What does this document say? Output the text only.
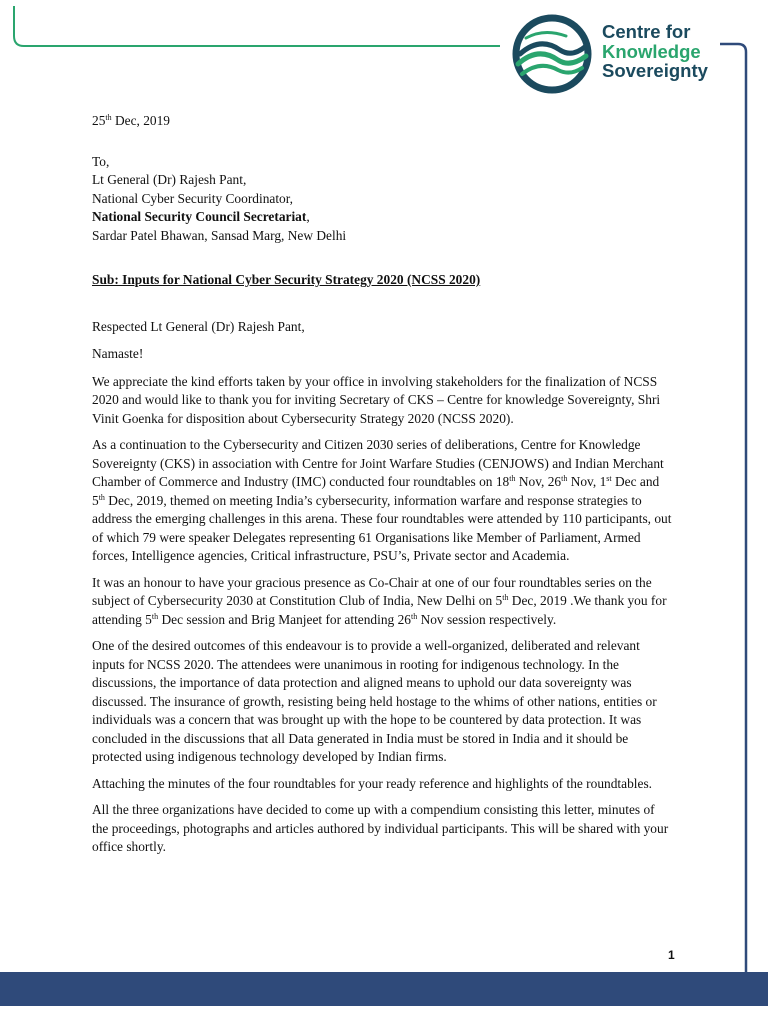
Centre for
Knowledge
Sovereignty

25th Dec, 2019

To,

Lt General (Dr) Rajesh Pant,

National Cyber Security Coordinator,

National Security Council Secretariat,

Sardar Patel Bhawan, Sansad Marg, New Delhi

Sub: Inputs for National Cyber Security Strategy 2020 (NCSS 2020)

Respected Lt General (Dr) Rajesh Pant,

Namaste!

We appreciate the kind efforts taken by your office in involving stakeholders for the finalization of NCSS 2020 and would like to thank you for inviting Secretary of CKS – Centre for knowledge Sovereignty, Shri Vinit Goenka for disposition about Cybersecurity Strategy 2020 (NCSS 2020).

As a continuation to the Cybersecurity and Citizen 2030 series of deliberations, Centre for Knowledge Sovereignty (CKS) in association with Centre for Joint Warfare Studies (CENJOWS) and Indian Merchant Chamber of Commerce and Industry (IMC) conducted four roundtables on 18th Nov, 26th Nov, 1st Dec and 5th Dec, 2019, themed on meeting India’s cybersecurity, information warfare and response strategies to address the emerging challenges in this arena. These four roundtables were attended by 110 participants, out of which 79 were speaker Delegates representing 61 Organisations like Member of Parliament, Armed forces, Intelligence agencies, Critical infrastructure, PSU’s, Private sector and Academia.

It was an honour to have your gracious presence as Co-Chair at one of our four roundtables series on the subject of Cybersecurity 2030 at Constitution Club of India, New Delhi on 5th Dec, 2019 .We thank you for attending 5th Dec session and Brig Manjeet for attending 26th Nov session respectively.

One of the desired outcomes of this endeavour is to provide a well-organized, deliberated and relevant inputs for NCSS 2020. The attendees were unanimous in rooting for indigenous technology. In the discussions, the importance of data protection and aligned means to uphold our data sovereignty was discussed. The insurance of growth, resisting being held hostage to the whims of other nations, entities or individuals was a concern that was brought up with the hope to be countered by data protection. It was concluded in the discussions that all Data generated in India must be stored in India and it should be protected using indigenous technology developed by Indian firms.

Attaching the minutes of the four roundtables for your ready reference and highlights of the roundtables.

All the three organizations have decided to come up with a compendium consisting this letter, minutes of the proceedings, photographs and articles authored by individual participants. This will be shared with your office shortly.

1
